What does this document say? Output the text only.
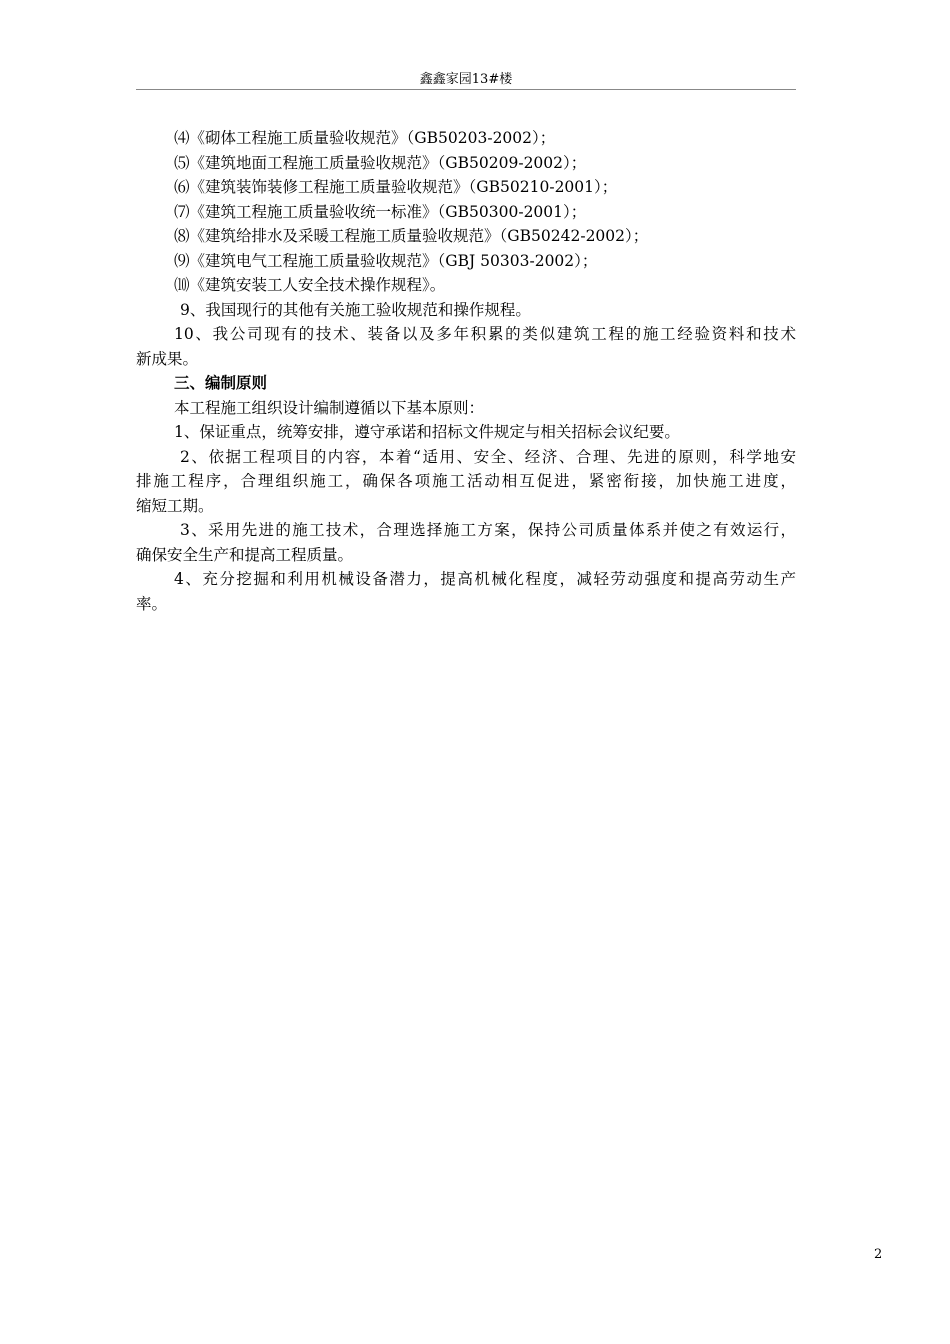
鑫鑫家园13#楼
⑷《砌体工程施工质量验收规范》（GB50203-2002）；
⑸《建筑地面工程施工质量验收规范》（GB50209-2002）；
⑹《建筑装饰装修工程施工质量验收规范》（GB50210-2001）；
⑺《建筑工程施工质量验收统一标准》（GB50300-2001）；
⑻《建筑给排水及采暖工程施工质量验收规范》（GB50242-2002）；
⑼《建筑电气工程施工质量验收规范》（GBJ 50303-2002）；
⑽《建筑安装工人安全技术操作规程》。
9、我国现行的其他有关施工验收规范和操作规程。
10、我公司现有的技术、装备以及多年积累的类似建筑工程的施工经验资料和技术
新成果。
三、编制原则
本工程施工组织设计编制遵循以下基本原则：
1、保证重点，统筹安排，遵守承诺和招标文件规定与相关招标会议纪要。
2、依据工程项目的内容，本着“适用、安全、经济、合理、先进的原则，科学地安
排施工程序，合理组织施工，确保各项施工活动相互促进，紧密衔接，加快施工进度，
缩短工期。
3、采用先进的施工技术，合理选择施工方案，保持公司质量体系并使之有效运行，
确保安全生产和提高工程质量。
4、充分挖掘和利用机械设备潜力，提高机械化程度，减轻劳动强度和提高劳动生产
率。
2
